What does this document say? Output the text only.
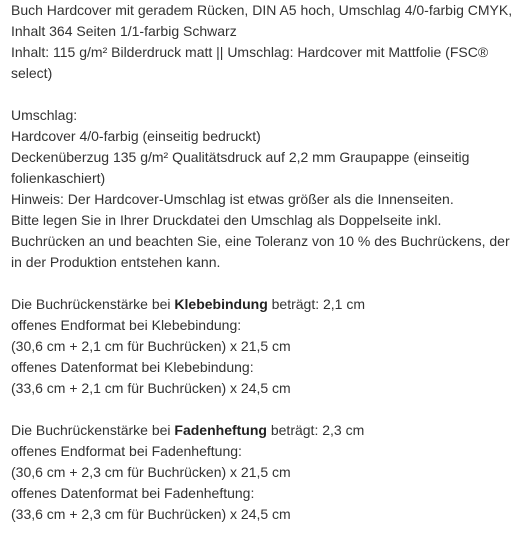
Buch Hardcover mit geradem Rücken, DIN A5 hoch, Umschlag 4/0-farbig CMYK,
Inhalt 364 Seiten 1/1-farbig Schwarz
Inhalt: 115 g/m² Bilderdruck matt || Umschlag: Hardcover mit Mattfolie (FSC®
select)
Umschlag:
Hardcover 4/0-farbig (einseitig bedruckt)
Deckenüberzug 135 g/m² Qualitätsdruck auf 2,2 mm Graupappe (einseitig
folienkaschiert)
Hinweis: Der Hardcover-Umschlag ist etwas größer als die Innenseiten.
Bitte legen Sie in Ihrer Druckdatei den Umschlag als Doppelseite inkl.
Buchrücken an und beachten Sie, eine Toleranz von 10 % des Buchrückens, der
in der Produktion entstehen kann.
Die Buchrückenstärke bei Klebebindung beträgt: 2,1 cm
offenes Endformat bei Klebebindung:
(30,6 cm + 2,1 cm für Buchrücken) x 21,5 cm
offenes Datenformat bei Klebebindung:
(33,6 cm + 2,1 cm für Buchrücken) x 24,5 cm
Die Buchrückenstärke bei Fadenheftung beträgt: 2,3 cm
offenes Endformat bei Fadenheftung:
(30,6 cm + 2,3 cm für Buchrücken) x 21,5 cm
offenes Datenformat bei Fadenheftung:
(33,6 cm + 2,3 cm für Buchrücken) x 24,5 cm
